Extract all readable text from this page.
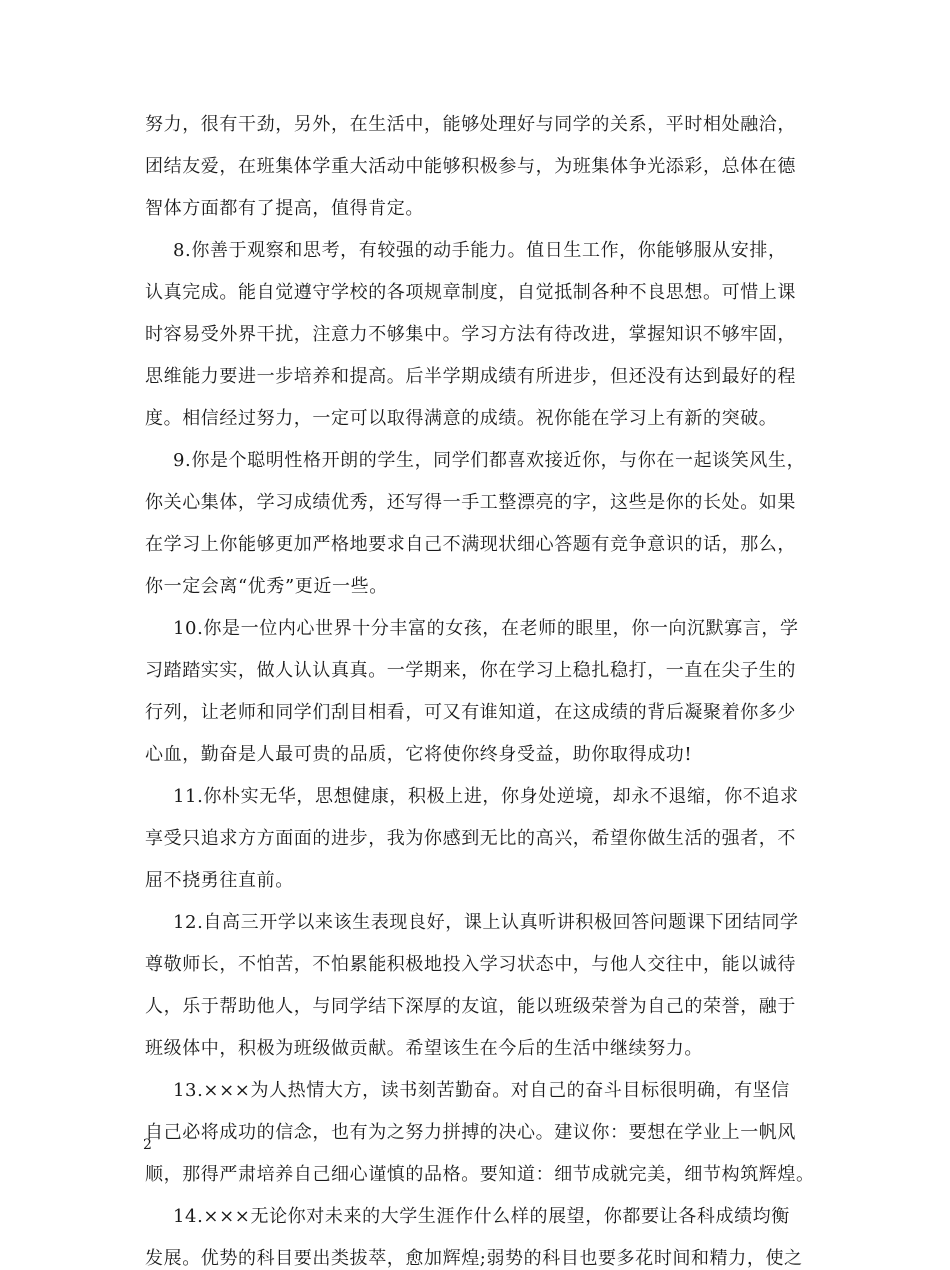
努力，很有干劲，另外，在生活中，能够处理好与同学的关系，平时相处融洽，
团结友爱，在班集体学重大活动中能够积极参与，为班集体争光添彩，总体在德
智体方面都有了提高，值得肯定。
8.你善于观察和思考，有较强的动手能力。值日生工作，你能够服从安排，
认真完成。能自觉遵守学校的各项规章制度，自觉抵制各种不良思想。可惜上课
时容易受外界干扰，注意力不够集中。学习方法有待改进，掌握知识不够牢固，
思维能力要进一步培养和提高。后半学期成绩有所进步，但还没有达到最好的程
度。相信经过努力，一定可以取得满意的成绩。祝你能在学习上有新的突破。
9.你是个聪明性格开朗的学生，同学们都喜欢接近你，与你在一起谈笑风生，
你关心集体，学习成绩优秀，还写得一手工整漂亮的字，这些是你的长处。如果
在学习上你能够更加严格地要求自己不满现状细心答题有竞争意识的话，那么，
你一定会离“优秀”更近一些。
10.你是一位内心世界十分丰富的女孩，在老师的眼里，你一向沉默寡言，学
习踏踏实实，做人认认真真。一学期来，你在学习上稳扎稳打，一直在尖子生的
行列，让老师和同学们刮目相看，可又有谁知道，在这成绩的背后凝聚着你多少
心血，勤奋是人最可贵的品质，它将使你终身受益，助你取得成功!
11.你朴实无华，思想健康，积极上进，你身处逆境，却永不退缩，你不追求
享受只追求方方面面的进步，我为你感到无比的高兴，希望你做生活的强者，不
屈不挠勇往直前。
12.自高三开学以来该生表现良好，课上认真听讲积极回答问题课下团结同学
尊敬师长，不怕苦，不怕累能积极地投入学习状态中，与他人交往中，能以诚待
人，乐于帮助他人，与同学结下深厚的友谊，能以班级荣誉为自己的荣誉，融于
班级体中，积极为班级做贡献。希望该生在今后的生活中继续努力。
13.×××为人热情大方，读书刻苦勤奋。对自己的奋斗目标很明确，有坚信
自己必将成功的信念，也有为之努力拼搏的决心。建议你：要想在学业上一帆风
顺，那得严肃培养自己细心谨慎的品格。要知道：细节成就完美，细节构筑辉煌。
14.×××无论你对未来的大学生涯作什么样的展望，你都要让各科成绩均衡
发展。优势的科目要出类拔萃，愈加辉煌;弱势的科目也要多花时间和精力，使之
2
